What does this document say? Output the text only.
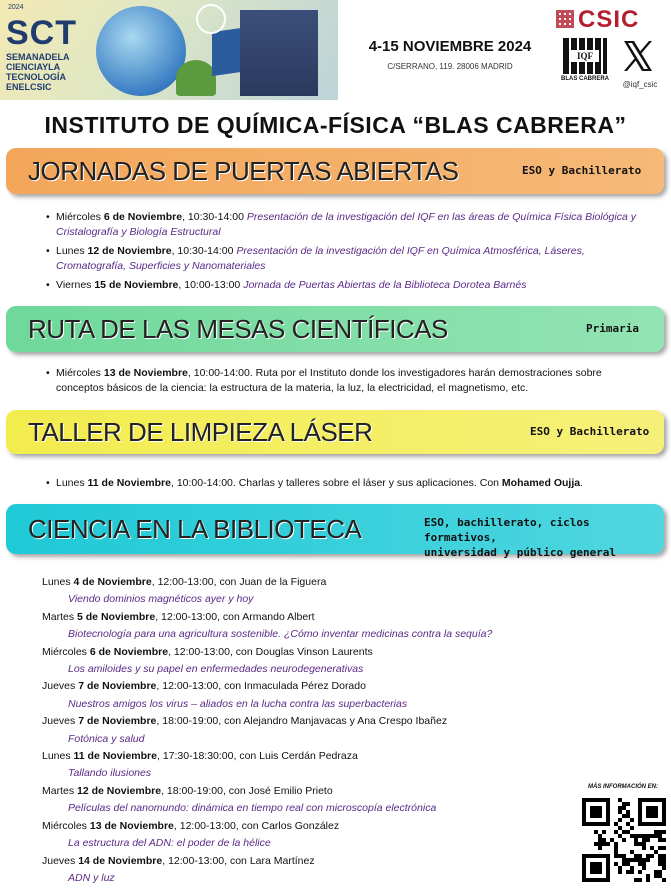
2024
SCT
SEMANADELA
CIENCIAYLA
TECNOLOGÍA
ENELCSIC
4-15 NOVIEMBRE 2024
C/SERRANO, 119. 28006 MADRID
CSIC
IQF
BLAS CABRERA
@iqf_csic
INSTITUTO DE QUÍMICA-FÍSICA “BLAS CABRERA”
JORNADAS DE PUERTAS ABIERTAS	ESO y Bachillerato
• Miércoles 6 de Noviembre, 10:30-14:00 Presentación de la investigación del IQF en las áreas de Química Física Biológica y Cristalografía y Biología Estructural
• Lunes 12 de Noviembre, 10:30-14:00 Presentación de la investigación del IQF en Química Atmosférica, Láseres, Cromatografía, Superficies y Nanomateriales
• Viernes 15 de Noviembre, 10:00-13:00 Jornada de Puertas Abiertas de la Biblioteca Dorotea Barnés
RUTA DE LAS MESAS CIENTÍFICAS	Primaria
• Miércoles 13 de Noviembre, 10:00-14:00. Ruta por el Instituto donde los investigadores harán demostraciones sobre conceptos básicos de la ciencia: la estructura de la materia, la luz, la electricidad, el magnetismo, etc.
TALLER DE LIMPIEZA LÁSER	ESO y Bachillerato
• Lunes 11 de Noviembre, 10:00-14:00. Charlas y talleres sobre el láser y sus aplicaciones. Con Mohamed Oujja.
CIENCIA EN LA BIBLIOTECA	ESO, bachillerato, ciclos formativos,
universidad y público general
Lunes 4 de Noviembre, 12:00-13:00, con Juan de la Figuera
Viendo dominios magnéticos ayer y hoy
Martes 5 de Noviembre, 12:00-13:00, con Armando Albert
Biotecnología para una agricultura sostenible. ¿Cómo inventar medicinas contra la sequía?
Miércoles 6 de Noviembre, 12:00-13:00, con Douglas Vinson Laurents
Los amiloides y su papel en enfermedades neurodegenerativas
Jueves 7 de Noviembre, 12:00-13:00, con Inmaculada Pérez Dorado
Nuestros amigos los virus – aliados en la lucha contra las superbacterias
Jueves 7 de Noviembre, 18:00-19:00, con Alejandro Manjavacas y Ana Crespo Ibañez
Fotónica y salud
Lunes 11 de Noviembre, 17:30-18:30:00, con Luis Cerdán Pedraza
Tallando ilusiones
Martes 12 de Noviembre, 18:00-19:00, con José Emilio Prieto
Películas del nanomundo: dinámica en tiempo real con microscopía electrónica
Miércoles 13 de Noviembre, 12:00-13:00, con Carlos González
La estructura del ADN: el poder de la hélice
Jueves 14 de Noviembre, 12:00-13:00, con Lara Martínez
ADN y luz
MÁS INFORMACIÓN EN:
